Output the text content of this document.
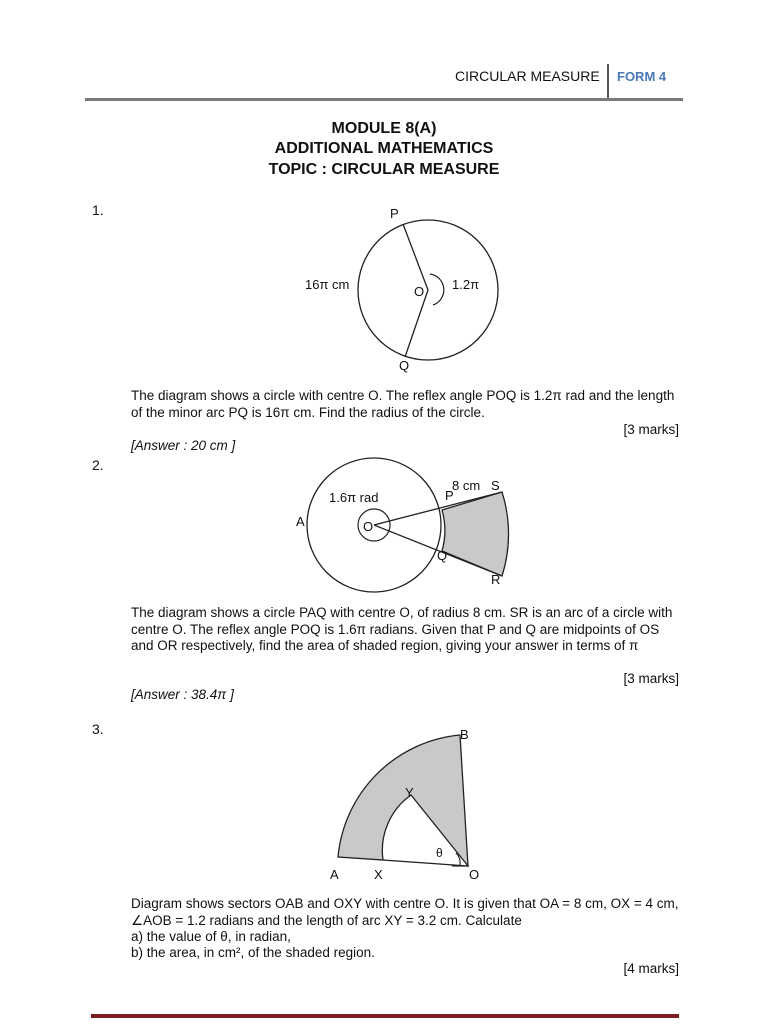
CIRCULAR MEASURE FORM 4
MODULE 8(A)
ADDITIONAL MATHEMATICS
TOPIC : CIRCULAR MEASURE
1.	P
Q
O
16π cm	1.2π
The diagram shows a circle with centre O. The reflex angle POQ is 1.2π rad and the length of the minor arc PQ is 16π cm. Find the radius of the circle.
[3 marks]
[Answer : 20 cm ]
2.
1.6π rad
A	O
P
8 cm S
Q
R
The diagram shows a circle PAQ with centre O, of radius 8 cm. SR is an arc of a circle with centre O. The reflex angle POQ is 1.6π radians. Given that P and Q are midpoints of OS and OR respectively, find the area of shaded region, giving your answer in terms of π
[3 marks]
[Answer : 38.4π ]
3.
A	X	O
Y
B
θ
Diagram shows sectors OAB and OXY with centre O. It is given that OA = 8 cm, OX = 4 cm, ∠AOB = 1.2 radians and the length of arc XY = 3.2 cm. Calculate
a) the value of θ, in radian,
b) the area, in cm², of the shaded region.
[4 marks]
